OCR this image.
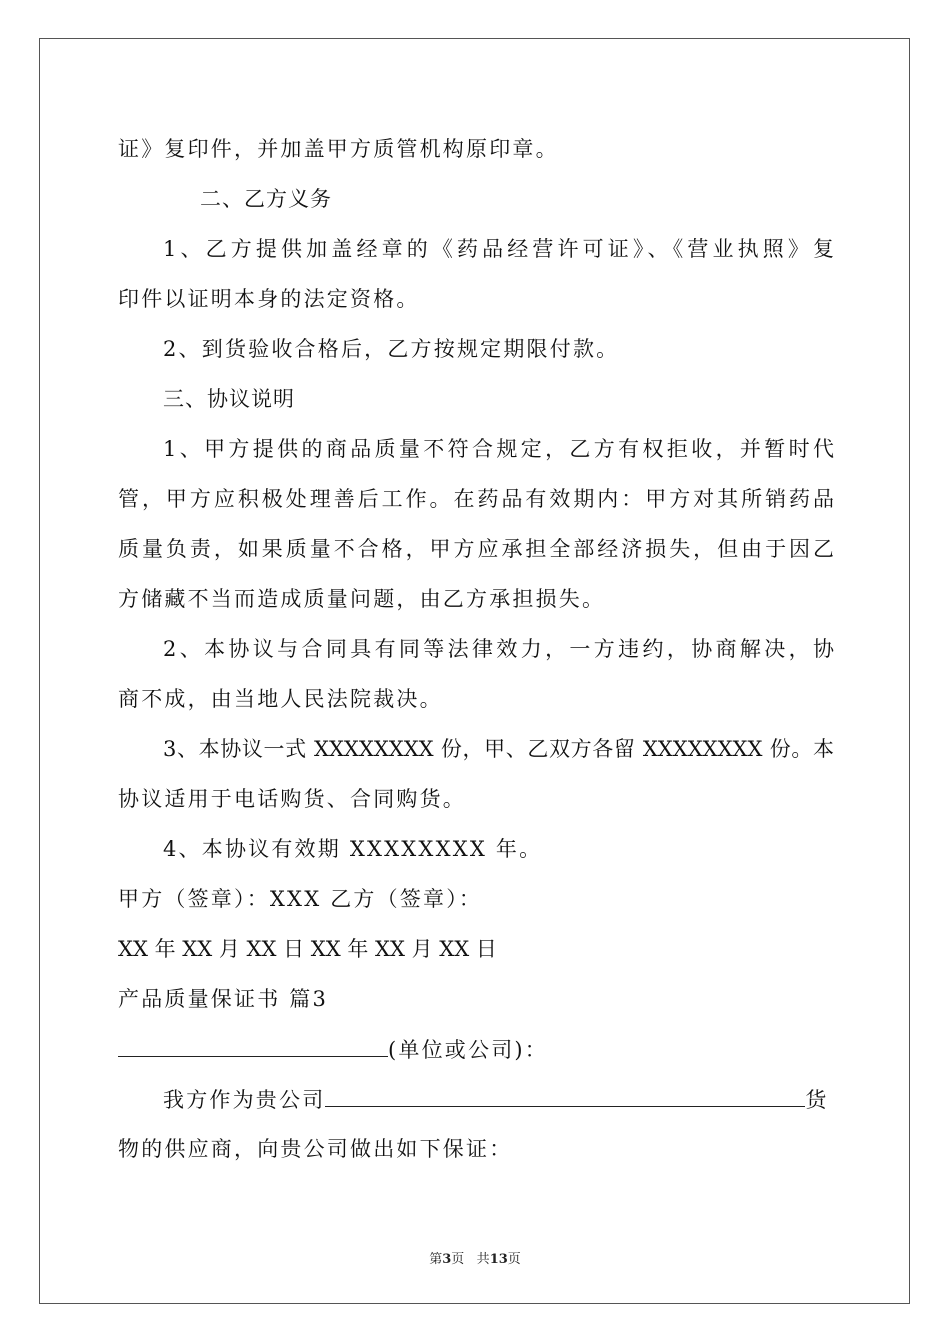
证》复印件，并加盖甲方质管机构原印章。
二、乙方义务
1、乙方提供加盖经章的《药品经营许可证》、《营业执照》复
印件以证明本身的法定资格。
2、到货验收合格后，乙方按规定期限付款。
三、协议说明
1、甲方提供的商品质量不符合规定，乙方有权拒收，并暂时代
管，甲方应积极处理善后工作。在药品有效期内：甲方对其所销药品
质量负责，如果质量不合格，甲方应承担全部经济损失，但由于因乙
方储藏不当而造成质量问题，由乙方承担损失。
2、本协议与合同具有同等法律效力，一方违约，协商解决，协
商不成，由当地人民法院裁决。
3、本协议一式 XXXXXXXX 份，甲、乙双方各留 XXXXXXXX 份。本
协议适用于电话购货、合同购货。
4、本协议有效期 XXXXXXXX 年。
甲方（签章）：XXX 乙方（签章）：
XX 年 XX 月 XX 日 XX 年 XX 月 XX 日
产品质量保证书 篇3
(单位或公司)：
我方作为贵公司	货
物的供应商，向贵公司做出如下保证：
第3页 共13页
